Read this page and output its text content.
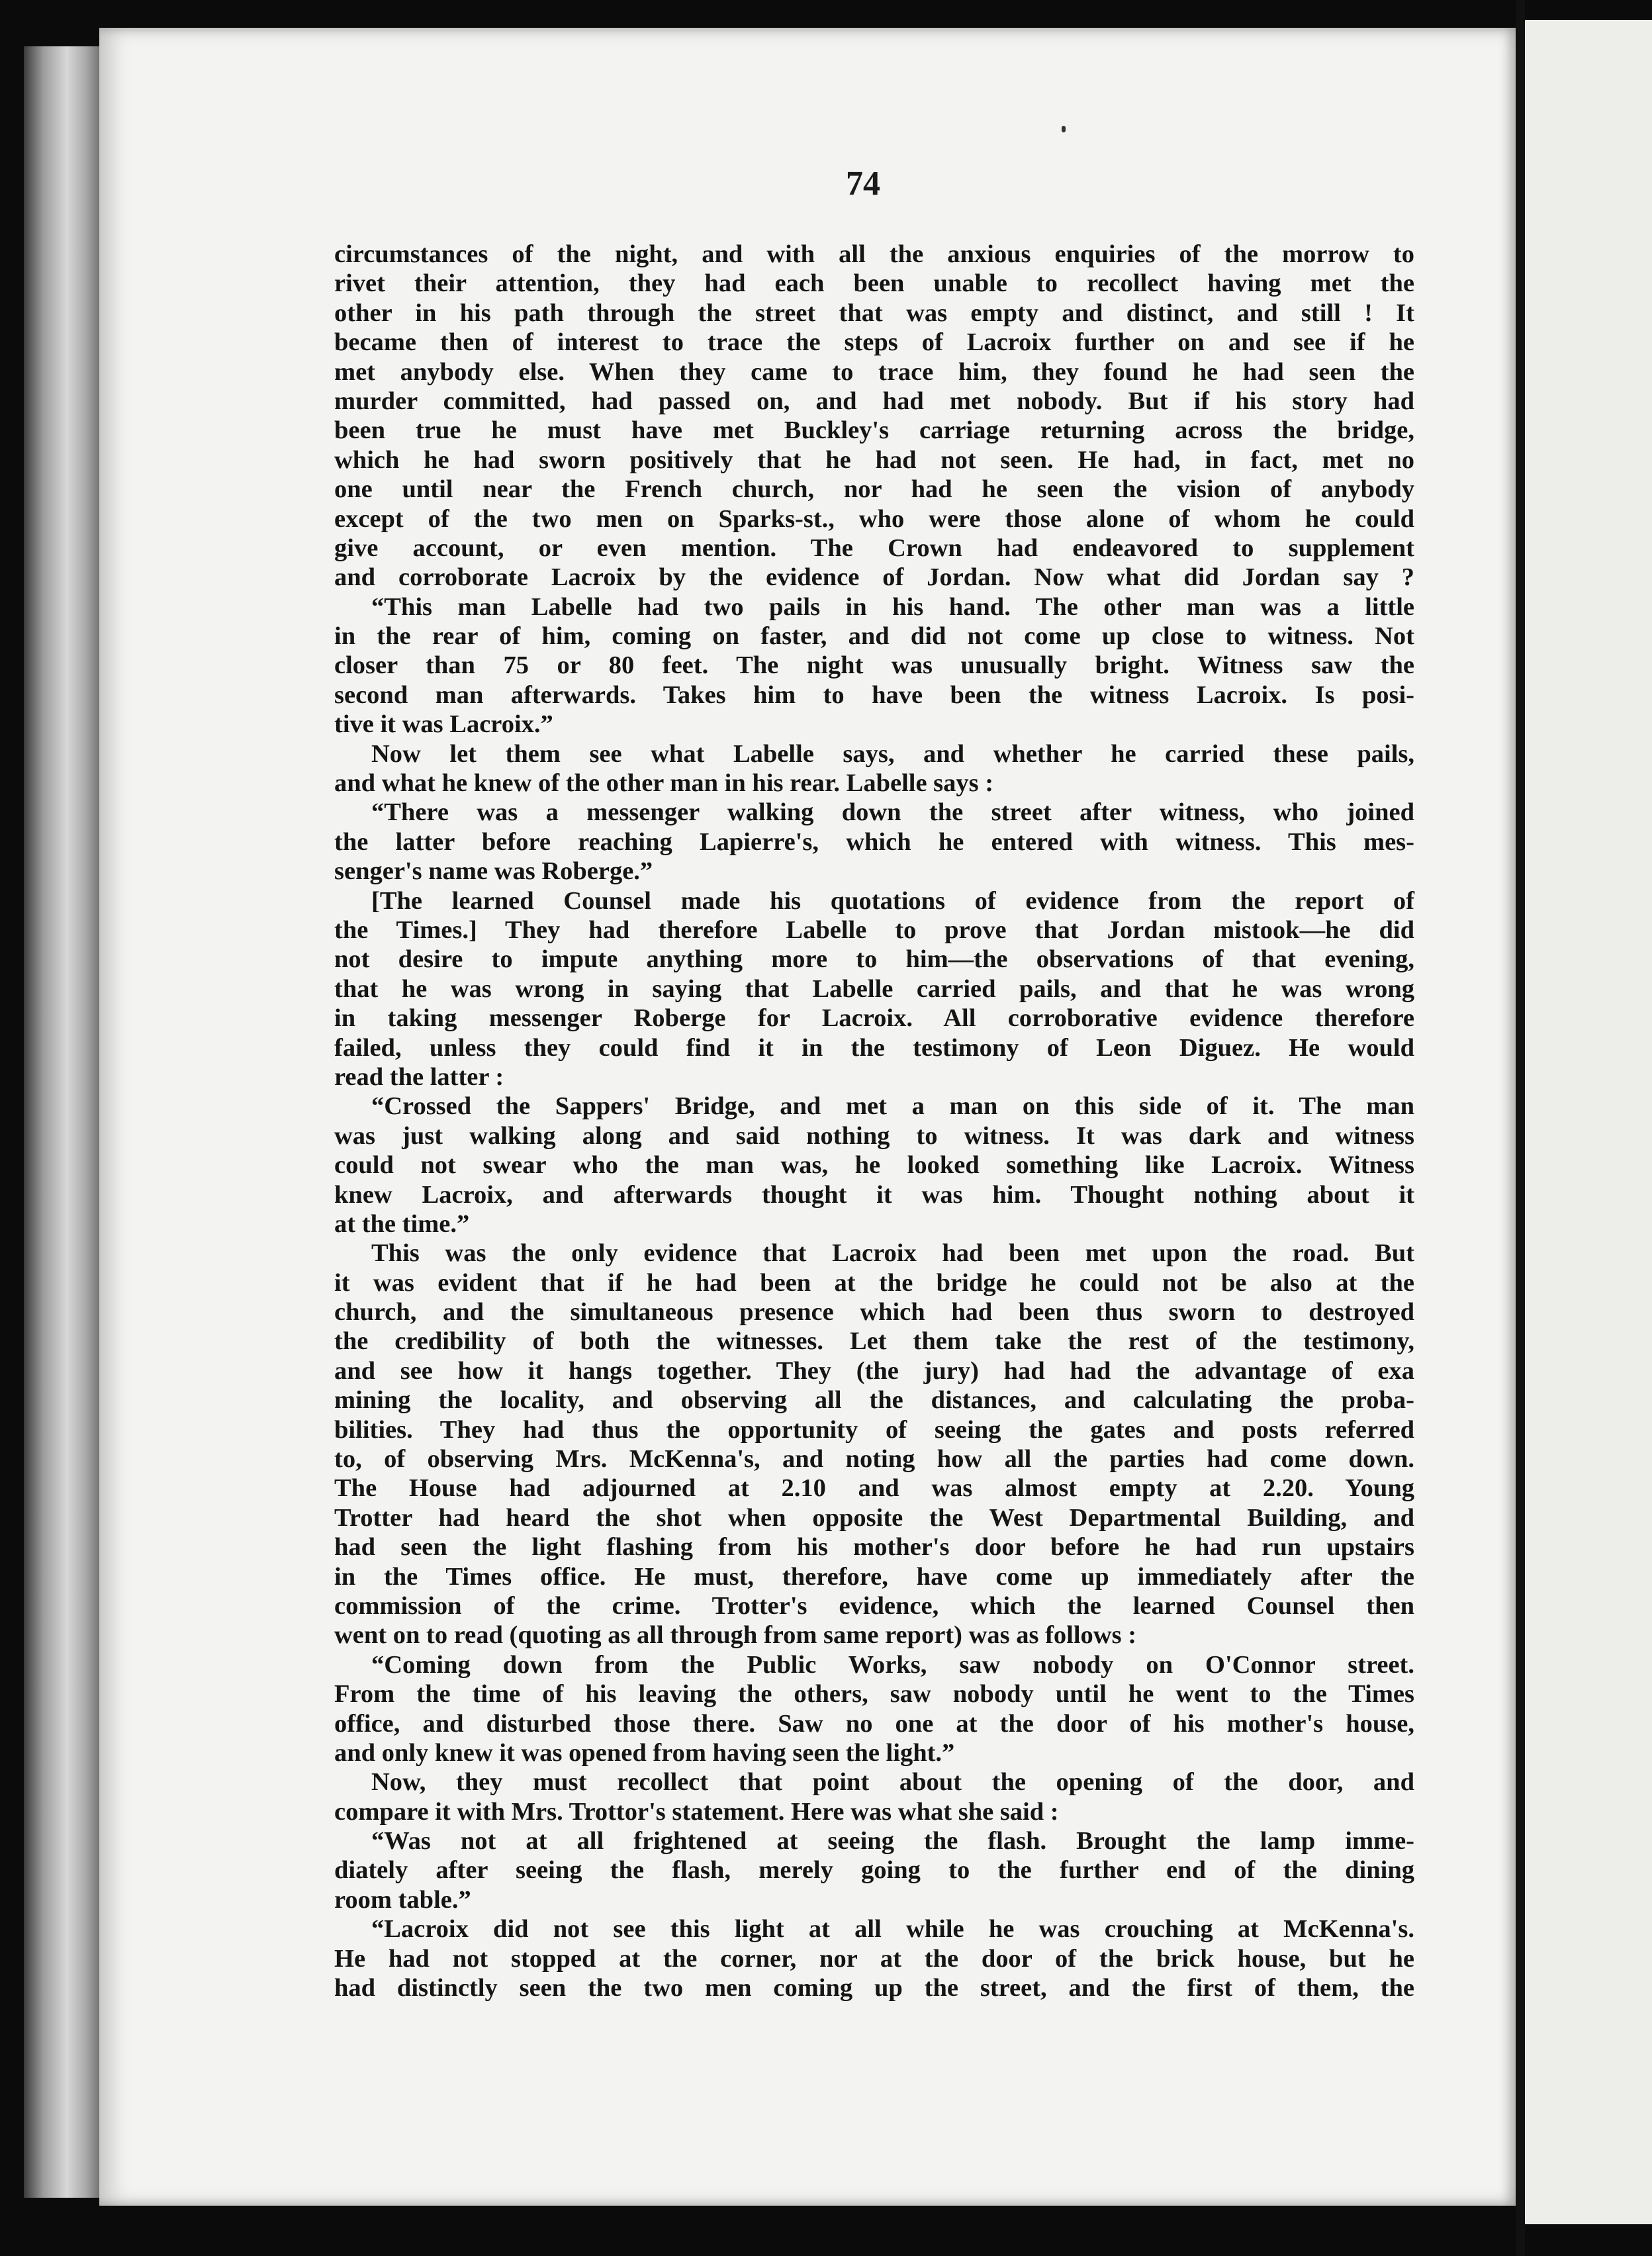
74
circumstances of the night, and with all the anxious enquiries of the morrow to
rivet their attention, they had each been unable to recollect having met the
other in his path through the street that was empty and distinct, and still ! It
became then of interest to trace the steps of Lacroix further on and see if he
met anybody else. When they came to trace him, they found he had seen the
murder committed, had passed on, and had met nobody. But if his story had
been true he must have met Buckley's carriage returning across the bridge,
which he had sworn positively that he had not seen. He had, in fact, met no
one until near the French church, nor had he seen the vision of anybody
except of the two men on Sparks-st., who were those alone of whom he could
give account, or even mention. The Crown had endeavored to supplement
and corroborate Lacroix by the evidence of Jordan. Now what did Jordan say ?
“This man Labelle had two pails in his hand. The other man was a little
in the rear of him, coming on faster, and did not come up close to witness. Not
closer than 75 or 80 feet. The night was unusually bright. Witness saw the
second man afterwards. Takes him to have been the witness Lacroix. Is posi-
tive it was Lacroix.”
Now let them see what Labelle says, and whether he carried these pails,
and what he knew of the other man in his rear. Labelle says :
“There was a messenger walking down the street after witness, who joined
the latter before reaching Lapierre's, which he entered with witness. This mes-
senger's name was Roberge.”
[The learned Counsel made his quotations of evidence from the report of
the Times.] They had therefore Labelle to prove that Jordan mistook—he did
not desire to impute anything more to him—the observations of that evening,
that he was wrong in saying that Labelle carried pails, and that he was wrong
in taking messenger Roberge for Lacroix. All corroborative evidence therefore
failed, unless they could find it in the testimony of Leon Diguez. He would
read the latter :
“Crossed the Sappers' Bridge, and met a man on this side of it. The man
was just walking along and said nothing to witness. It was dark and witness
could not swear who the man was, he looked something like Lacroix. Witness
knew Lacroix, and afterwards thought it was him. Thought nothing about it
at the time.”
This was the only evidence that Lacroix had been met upon the road. But
it was evident that if he had been at the bridge he could not be also at the
church, and the simultaneous presence which had been thus sworn to destroyed
the credibility of both the witnesses. Let them take the rest of the testimony,
and see how it hangs together. They (the jury) had had the advantage of exa
mining the locality, and observing all the distances, and calculating the proba-
bilities. They had thus the opportunity of seeing the gates and posts referred
to, of observing Mrs. McKenna's, and noting how all the parties had come down.
The House had adjourned at 2.10 and was almost empty at 2.20. Young
Trotter had heard the shot when opposite the West Departmental Building, and
had seen the light flashing from his mother's door before he had run upstairs
in the Times office. He must, therefore, have come up immediately after the
commission of the crime. Trotter's evidence, which the learned Counsel then
went on to read (quoting as all through from same report) was as follows :
“Coming down from the Public Works, saw nobody on O'Connor street.
From the time of his leaving the others, saw nobody until he went to the Times
office, and disturbed those there. Saw no one at the door of his mother's house,
and only knew it was opened from having seen the light.”
Now, they must recollect that point about the opening of the door, and
compare it with Mrs. Trottor's statement. Here was what she said :
“Was not at all frightened at seeing the flash. Brought the lamp imme-
diately after seeing the flash, merely going to the further end of the dining
room table.”
“Lacroix did not see this light at all while he was crouching at McKenna's.
He had not stopped at the corner, nor at the door of the brick house, but he
had distinctly seen the two men coming up the street, and the first of them, the
